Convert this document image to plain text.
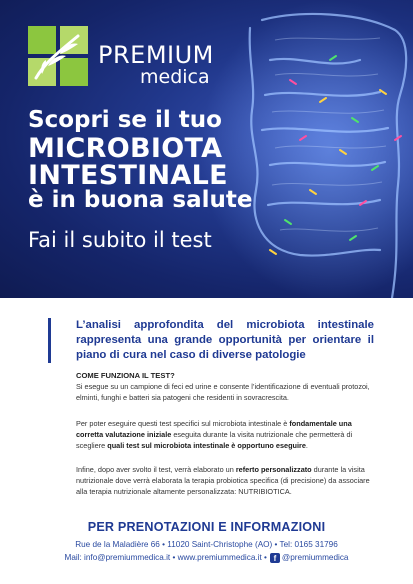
PREMIUM
medica
Scopri se il tuo
MICROBIOTA
INTESTINALE
è in buona salute
Fai il subito il test
L’analisi approfondita del microbiota intestinale rappresenta una grande opportunità per orientare il piano di cura nel caso di diverse patologie
COME FUNZIONA IL TEST?
Si esegue su un campione di feci ed urine e consente l’identificazione di eventuali protozoi, elminti, funghi e batteri sia patogeni che residenti in sovracrescita.
Per poter eseguire questi test specifici sul microbiota intestinale è fondamentale una corretta valutazione iniziale eseguita durante la visita nutrizionale che permetterà di scegliere quali test sul microbiota intestinale è opportuno eseguire.
Infine, dopo aver svolto il test, verrà elaborato un referto personalizzato durante la visita nutrizionale dove verrà elaborata la terapia probiotica specifica (di precisione) da associare alla terapia nutrizionale altamente personalizzata: NUTRIBIOTICA.
PER PRENOTAZIONI E INFORMAZIONI
Rue de la Maladière 66 • 11020 Saint-Christophe (AO) • Tel: 0165 31796
Mail: info@premiummedica.it • www.premiummedica.it • f @premiummedica
